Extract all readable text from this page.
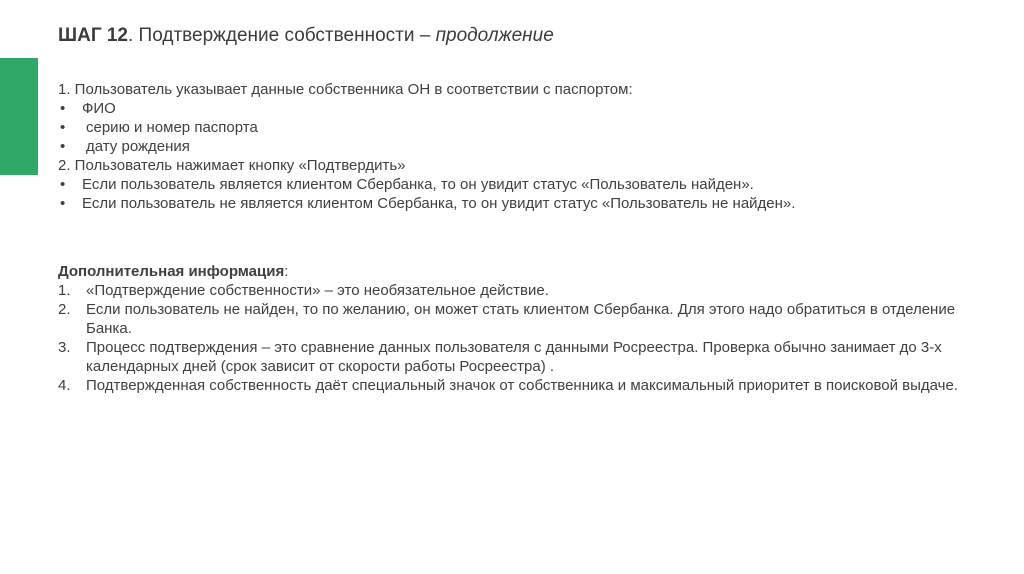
ШАГ 12. Подтверждение собственности – продолжение
1. Пользователь указывает данные собственника ОН в соответствии с паспортом:
•	ФИО
•	серию и номер паспорта
•	дату рождения
2. Пользователь нажимает кнопку «Подтвердить»
•	Если пользователь является клиентом Сбербанка, то он увидит статус «Пользователь найден».
•	Если пользователь не является клиентом Сбербанка, то он увидит статус «Пользователь не найден».
Дополнительная информация:
1.	«Подтверждение собственности» – это необязательное действие.
2.	Если пользователь не найден, то по желанию, он может стать клиентом Сбербанка. Для этого надо обратиться в отделение Банка.
3.	Процесс подтверждения – это сравнение данных пользователя с данными Росреестра. Проверка обычно занимает до 3-х календарных дней (срок зависит от скорости работы Росреестра) .
4.	Подтвержденная собственность даёт специальный значок от собственника и максимальный приоритет в поисковой выдаче.
